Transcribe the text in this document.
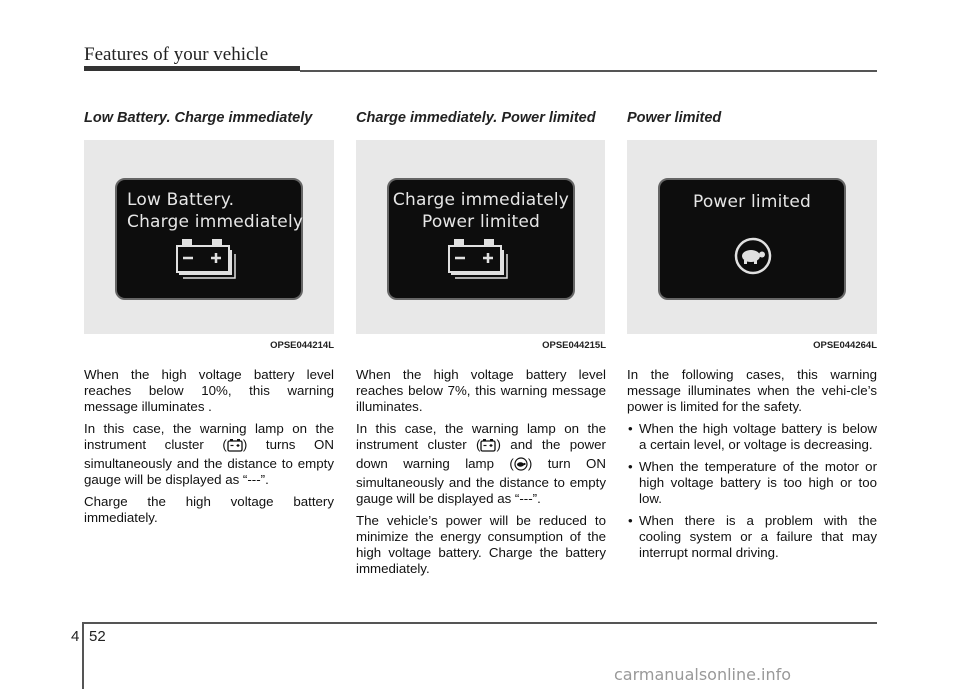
Features of your vehicle
Low Battery. Charge immediately
Low Battery.
Charge immediately
OPSE044214L

When the high voltage battery level reaches below 10%, this warning message illuminates .

In this case, the warning lamp on the instrument cluster ( ) turns ON simultaneously and the distance to empty gauge will be displayed as “---”.

Charge the high voltage battery immediately.

Charge immediately. Power limited
Charge immediately
Power limited
OPSE044215L

When the high voltage battery level reaches below 7%, this warning message illuminates.

In this case, the warning lamp on the instrument cluster ( ) and the power down warning lamp ( ) turn ON simultaneously and the distance to empty gauge will be displayed as “---”.

The vehicle’s power will be reduced to minimize the energy consumption of the high voltage battery. Charge the battery immediately.

Power limited
Power limited
OPSE044264L

In the following cases, this warning message illuminates when the vehi-cle’s power is limited for the safety.

• When the high voltage battery is below a certain level, or voltage is decreasing.
• When the temperature of the motor or high voltage battery is too high or too low.
• When there is a problem with the cooling system or a failure that may interrupt normal driving.
4 52
carmanualsonline.info
